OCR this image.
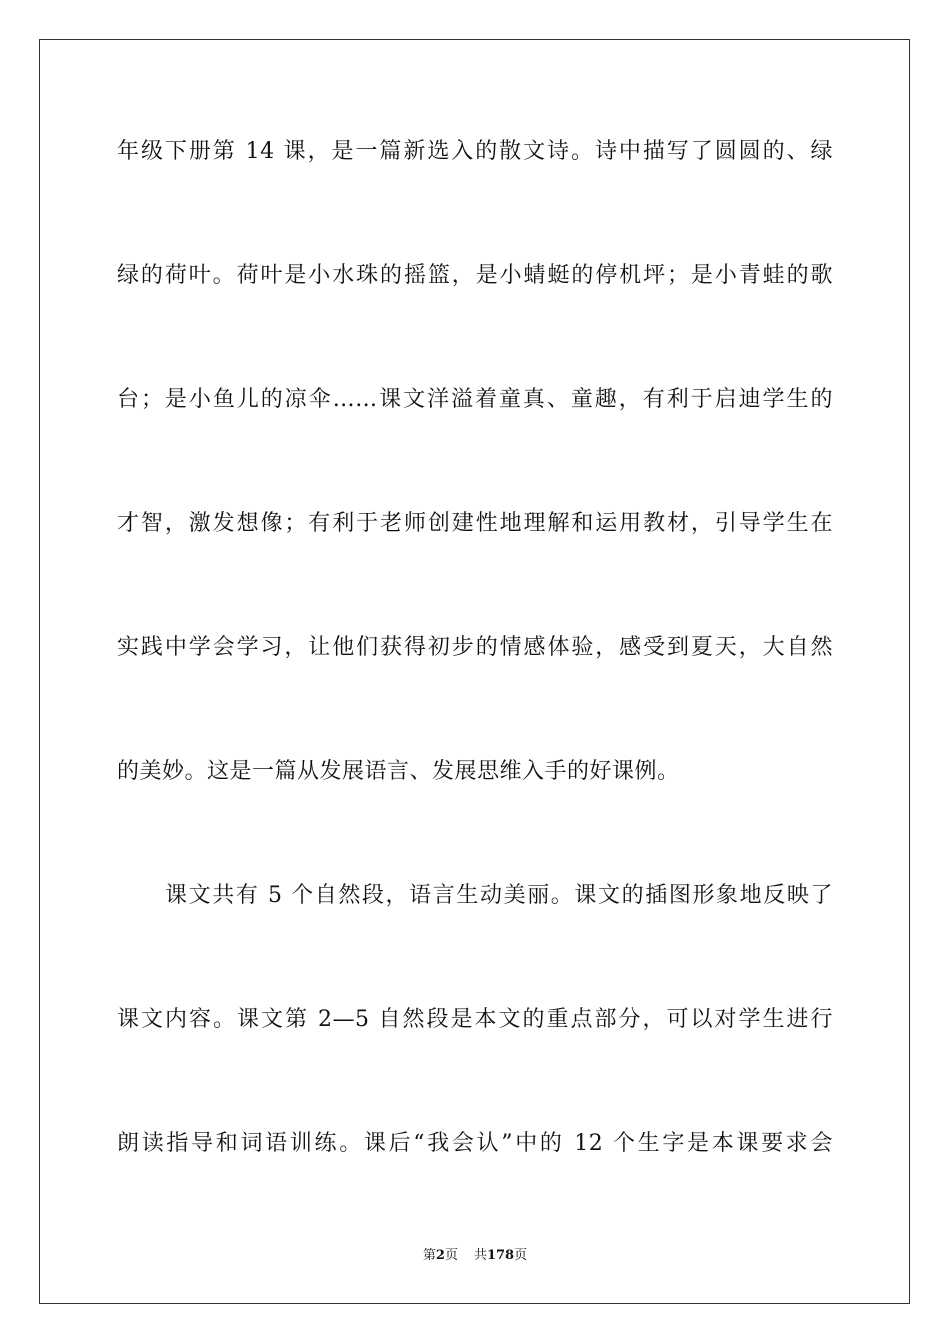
年级下册第 14 课，是一篇新选入的散文诗。诗中描写了圆圆的、绿
绿的荷叶。荷叶是小水珠的摇篮，是小蜻蜓的停机坪；是小青蛙的歌
台；是小鱼儿的凉伞……课文洋溢着童真、童趣，有利于启迪学生的
才智，激发想像；有利于老师创建性地理解和运用教材，引导学生在
实践中学会学习，让他们获得初步的情感体验，感受到夏天，大自然
的美妙。这是一篇从发展语言、发展思维入手的好课例。
课文共有 5 个自然段，语言生动美丽。课文的插图形象地反映了
课文内容。课文第 2—5 自然段是本文的重点部分，可以对学生进行
朗读指导和词语训练。课后“我会认”中的 12 个生字是本课要求会
第2页 共178页
